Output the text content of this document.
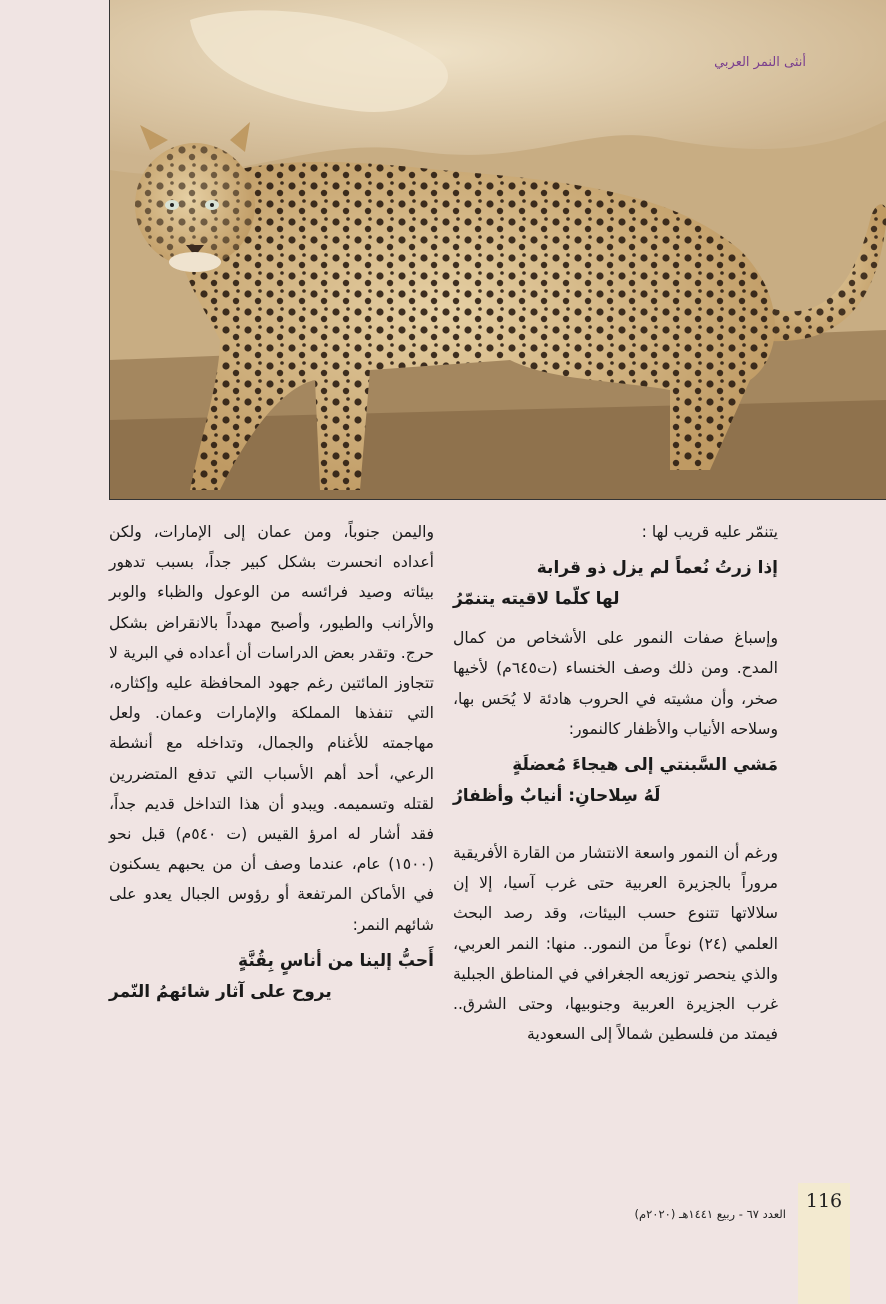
أنثى النمر العربي

يتنمّر عليه قريب لها :

إذا زرتُ نُعماً لم يزل ذو قرابة
لها كلّما لاقيته يتنمّرُ

وإسباغ صفات النمور على الأشخاص من كمال المدح. ومن ذلك وصف الخنساء (ت٦٤٥م) لأخيها صخر، وأن مشيته في الحروب هادئة لا يُحَس بها، وسلاحه الأنياب والأظفار كالنمور:

مَشي السَّبنتي إلى هيجاءَ مُعضلَةٍ
لَهُ سِلاحانِ: أنيابٌ وأظفارُ

ورغم أن النمور واسعة الانتشار من القارة الأفريقية مروراً بالجزيرة العربية حتى غرب آسيا، إلا إن سلالاتها تتنوع حسب البيئات، وقد رصد البحث العلمي (٢٤) نوعاً من النمور.. منها: النمر العربي، والذي ينحصر توزيعه الجغرافي في المناطق الجبلية غرب الجزيرة العربية وجنوبيها، وحتى الشرق.. فيمتد من فلسطين شمالاً إلى السعودية

واليمن جنوباً، ومن عمان إلى الإمارات، ولكن أعداده انحسرت بشكل كبير جداً، بسبب تدهور بيئاته وصيد فرائسه من الوعول والظباء والوبر والأرانب والطيور، وأصبح مهدداً بالانقراض بشكل حرج. وتقدر بعض الدراسات أن أعداده في البرية لا تتجاوز المائتين رغم جهود المحافظة عليه وإكثاره، التي تنفذها المملكة والإمارات وعمان. ولعل مهاجمته للأغنام والجمال، وتداخله مع أنشطة الرعي، أحد أهم الأسباب التي تدفع المتضررين لقتله وتسميمه. ويبدو أن هذا التداخل قديم جداً، فقد أشار له امرؤ القيس (ت ٥٤٠م) قبل نحو (١٥٠٠) عام، عندما وصف أن من يحبهم يسكنون في الأماكن المرتفعة أو رؤوس الجبال يعدو على شائهم النمر:

أَحبُّ إلينا من أناسٍ بِقُنَّةٍ
يروح على آثار شائهمُ النّمر
116
العدد ٦٧ - ربيع ١٤٤١هـ (٢٠٢٠م)
